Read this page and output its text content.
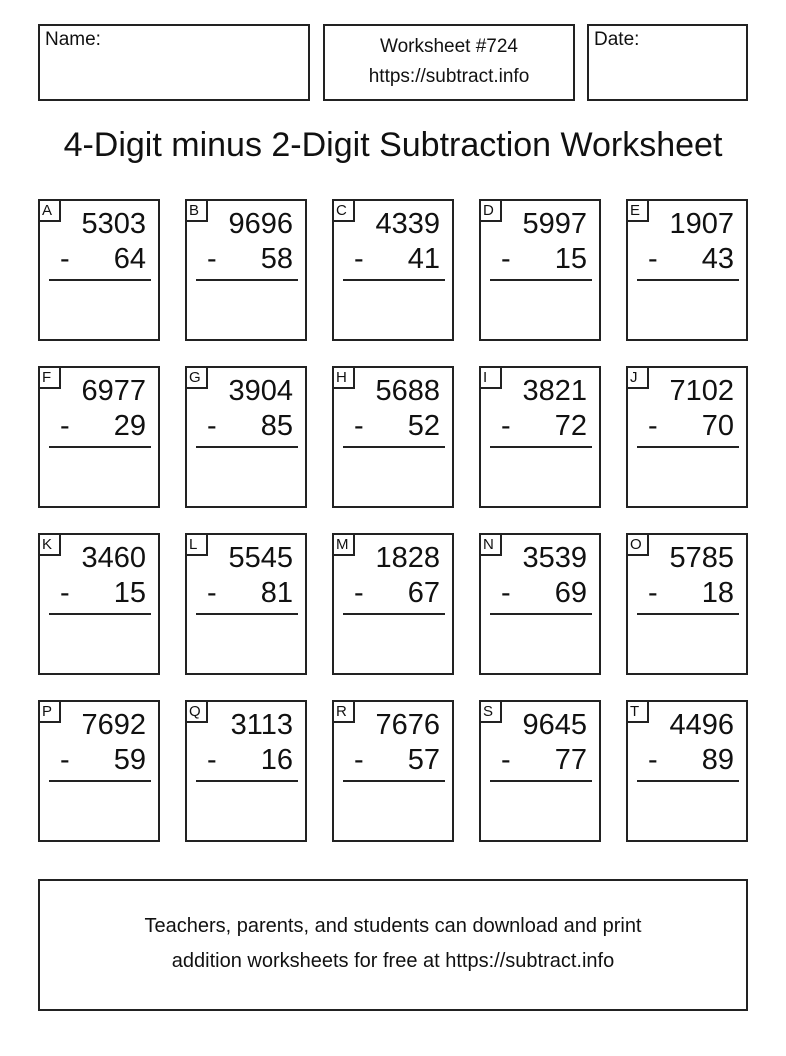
Name:	Worksheet #724
https://subtract.info
Date:
4-Digit minus 2-Digit Subtraction Worksheet
A	5303
- 64
B	9696
- 58
C 4339
- 41
D 5997
- 15
E	1907
- 43
F	6977
- 29
G 3904
- 85
H 5688
- 52
I	3821
- 72
J	7102
- 70
K	3460
- 15
L	5545
- 81
M 1828
- 67
N 3539
- 69
O 5785
- 18
P	7692
- 59
Q 3113
- 16
R 7676
- 57
S	9645
- 77
T	4496
- 89
Teachers, parents, and students can download and print
addition worksheets for free at https://subtract.info
